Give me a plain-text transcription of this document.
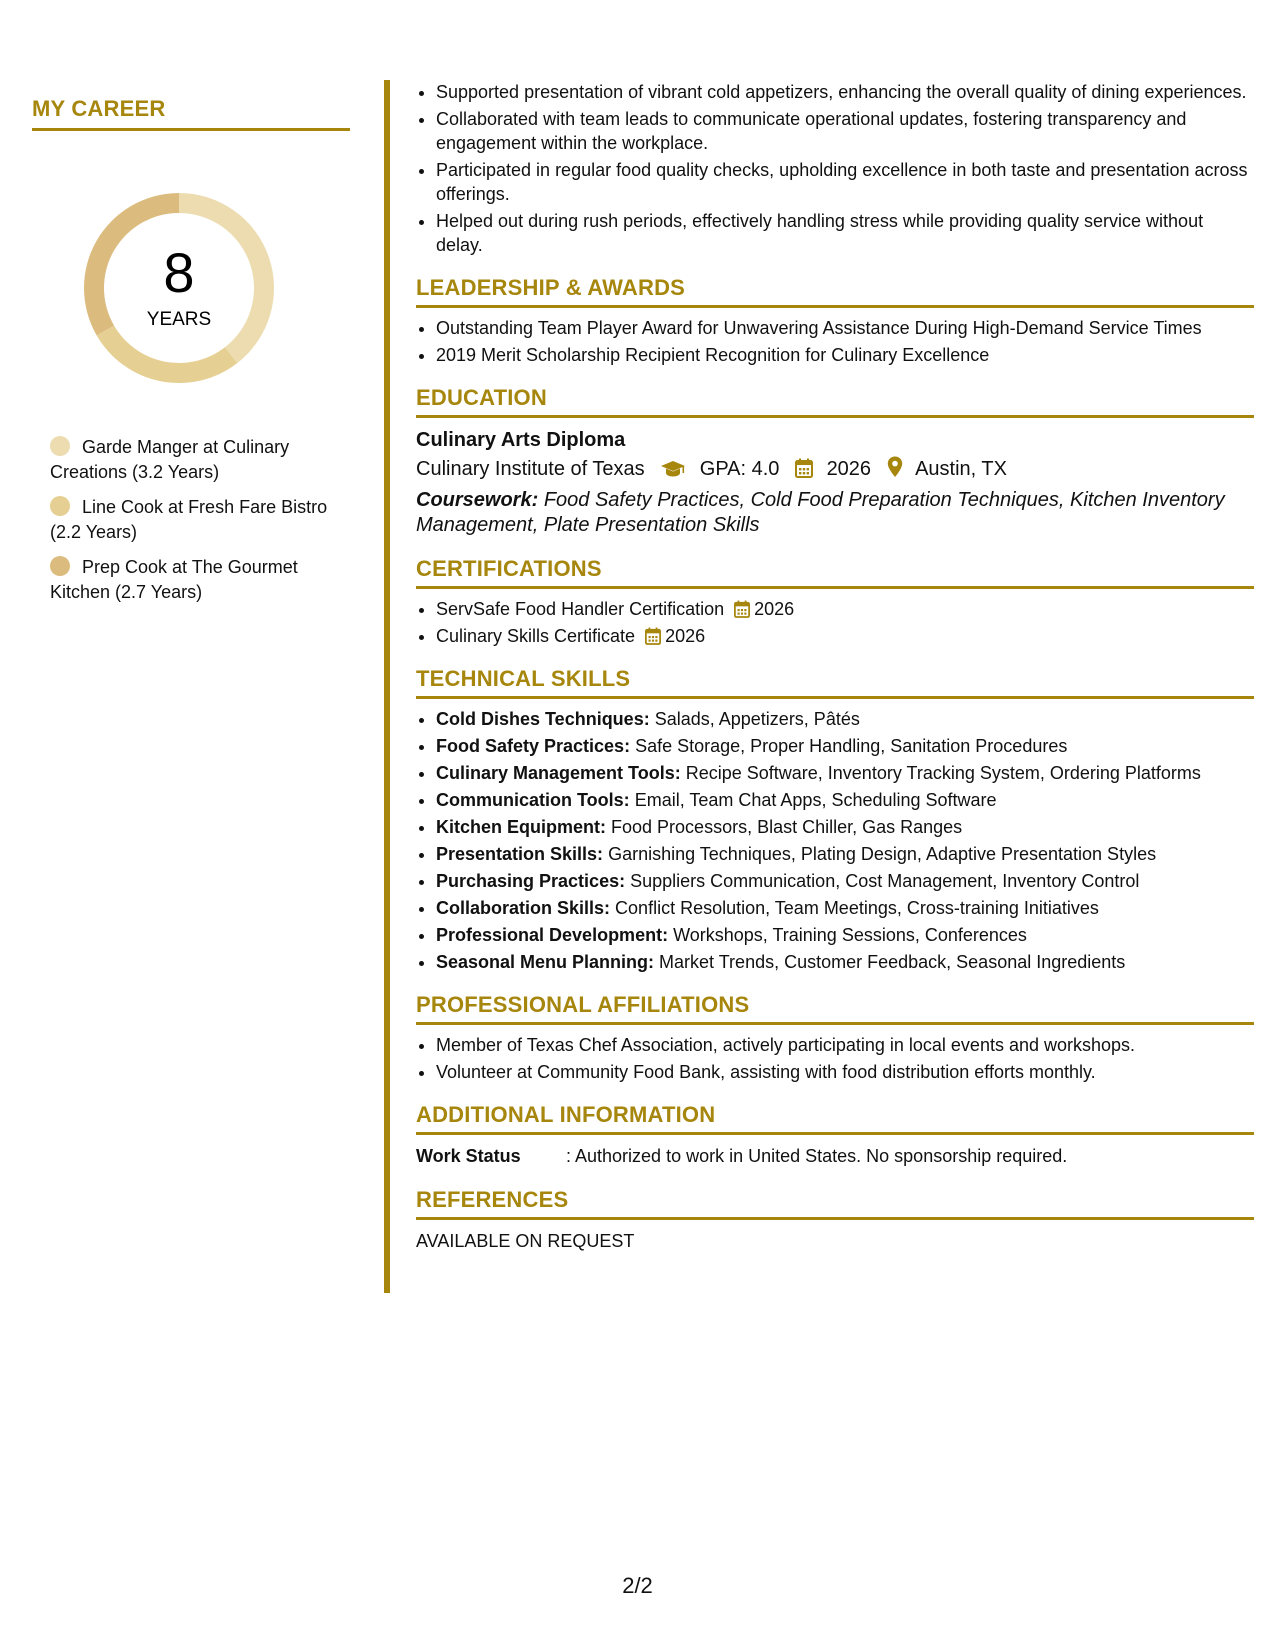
MY CAREER
8
YEARS
Garde Manger at Culinary Creations (3.2 Years)
Line Cook at Fresh Fare Bistro (2.2 Years)
Prep Cook at The Gourmet Kitchen (2.7 Years)
• Supported presentation of vibrant cold appetizers, enhancing the overall quality of dining experiences.
• Collaborated with team leads to communicate operational updates, fostering transparency and engagement within the workplace.
• Participated in regular food quality checks, upholding excellence in both taste and presentation across offerings.
• Helped out during rush periods, effectively handling stress while providing quality service without delay.
LEADERSHIP & AWARDS
• Outstanding Team Player Award for Unwavering Assistance During High-Demand Service Times
• 2019 Merit Scholarship Recipient Recognition for Culinary Excellence
EDUCATION
Culinary Arts Diploma
Culinary Institute of Texas	GPA: 4.0 2026 Austin, TX
Coursework: Food Safety Practices, Cold Food Preparation Techniques, Kitchen Inventory Management, Plate Presentation Skills
CERTIFICATIONS
• ServSafe Food Handler Certification 2026
• Culinary Skills Certificate 2026
TECHNICAL SKILLS
• Cold Dishes Techniques: Salads, Appetizers, Pâtés
• Food Safety Practices: Safe Storage, Proper Handling, Sanitation Procedures
• Culinary Management Tools: Recipe Software, Inventory Tracking System, Ordering Platforms
• Communication Tools: Email, Team Chat Apps, Scheduling Software
• Kitchen Equipment: Food Processors, Blast Chiller, Gas Ranges
• Presentation Skills: Garnishing Techniques, Plating Design, Adaptive Presentation Styles
• Purchasing Practices: Suppliers Communication, Cost Management, Inventory Control
• Collaboration Skills: Conflict Resolution, Team Meetings, Cross-training Initiatives
• Professional Development: Workshops, Training Sessions, Conferences
• Seasonal Menu Planning: Market Trends, Customer Feedback, Seasonal Ingredients
PROFESSIONAL AFFILIATIONS
• Member of Texas Chef Association, actively participating in local events and workshops.
• Volunteer at Community Food Bank, assisting with food distribution efforts monthly.
ADDITIONAL INFORMATION
Work Status	: Authorized to work in United States. No sponsorship required.
REFERENCES
AVAILABLE ON REQUEST
2/2
